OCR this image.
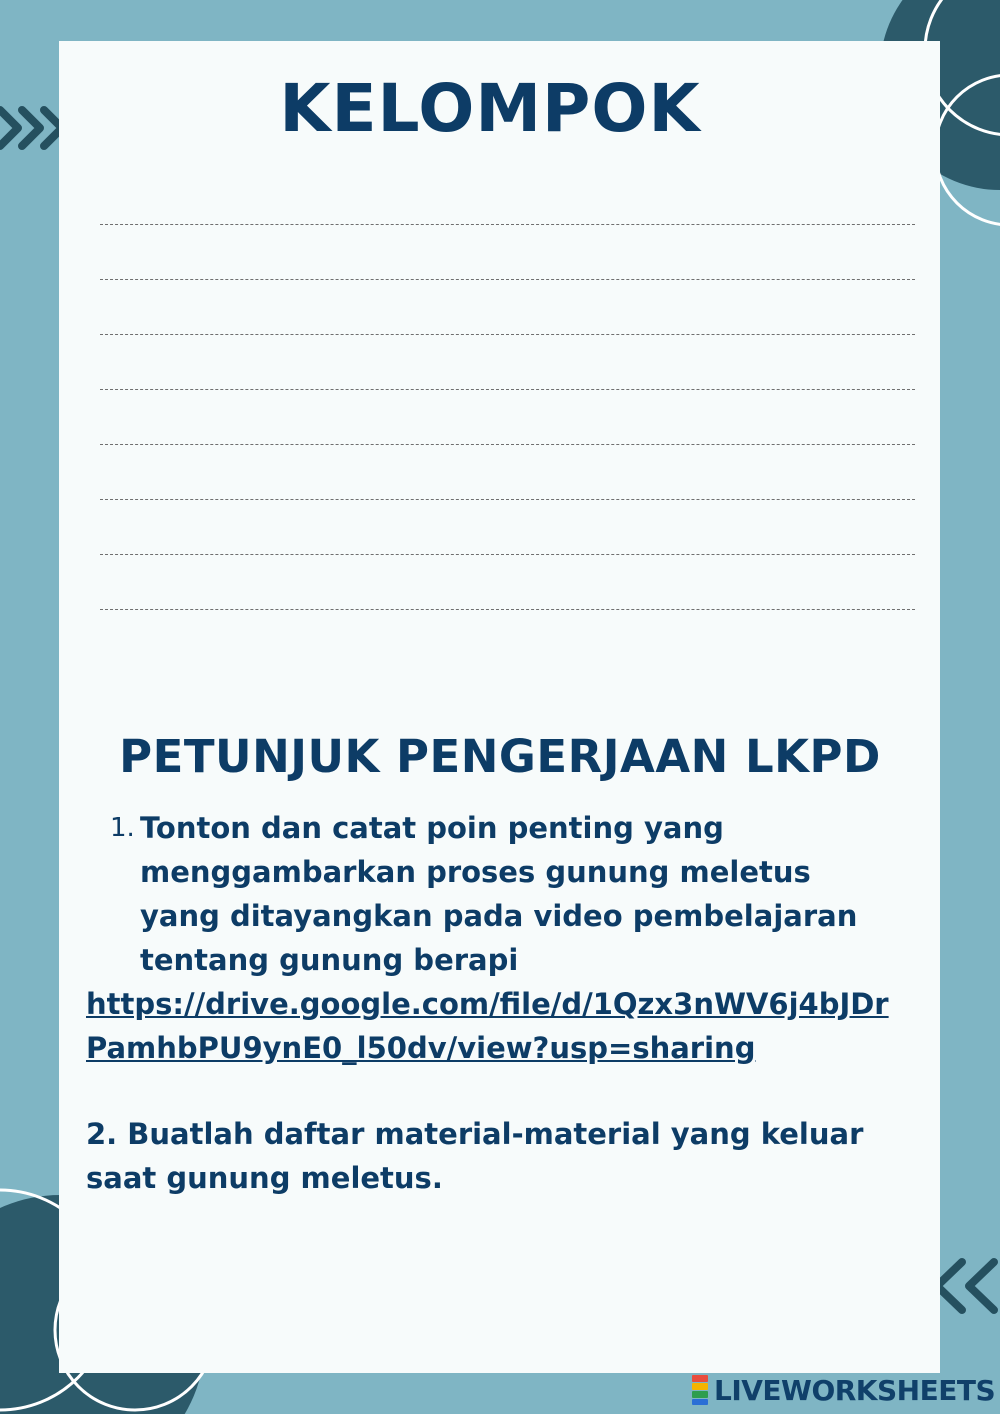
KELOMPOK
PETUNJUK PENGERJAAN LKPD
1. Tonton dan catat poin penting yang menggambarkan proses gunung meletus yang ditayangkan pada video pembelajaran tentang gunung berapi
https://drive.google.com/file/d/1Qzx3nWV6j4bJDrPamhbPU9ynE0_l50dv/view?usp=sharing
2. Buatlah daftar material-material yang keluar saat gunung meletus.
LIVEWORKSHEETS
